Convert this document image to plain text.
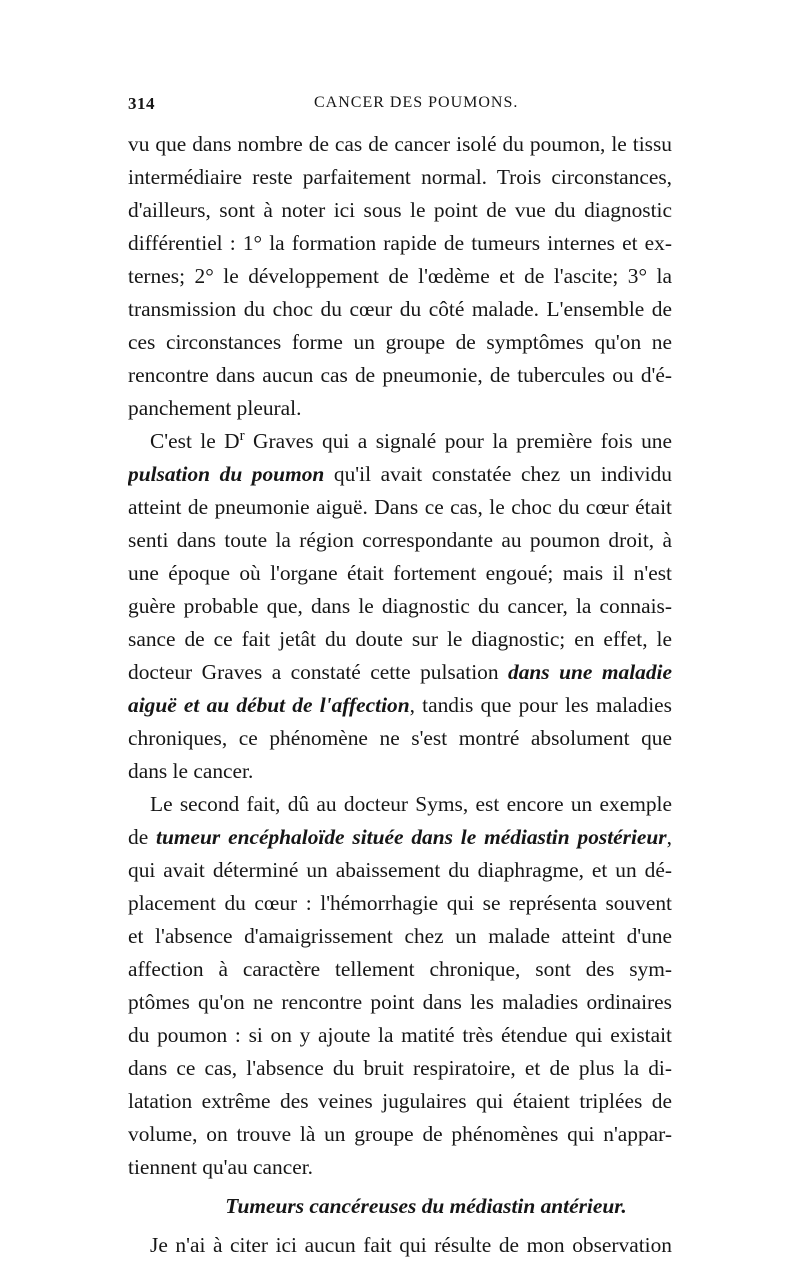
314	CANCER DES POUMONS.
vu que dans nombre de cas de cancer isolé du poumon, le tissu
intermédiaire reste parfaitement normal. Trois circonstances,
d'ailleurs, sont à noter ici sous le point de vue du diagnostic
différentiel : 1° la formation rapide de tumeurs internes et ex-
ternes; 2° le développement de l'œdème et de l'ascite; 3° la
transmission du choc du cœur du côté malade. L'ensemble de
ces circonstances forme un groupe de symptômes qu'on ne
rencontre dans aucun cas de pneumonie, de tubercules ou d'é-
panchement pleural.
C'est le $D^r$ Graves qui a signalé pour la première fois une
pulsation du poumon qu'il avait constatée chez un individu
atteint de pneumonie aiguë. Dans ce cas, le choc du cœur était
senti dans toute la région correspondante au poumon droit, à
une époque où l'organe était fortement engoué; mais il n'est
guère probable que, dans le diagnostic du cancer, la connais-
sance de ce fait jetât du doute sur le diagnostic; en effet, le
docteur Graves a constaté cette pulsation dans une maladie
aiguë et au début de l'affection, tandis que pour les maladies
chroniques, ce phénomène ne s'est montré absolument que
dans le cancer.
Le second fait, dû au docteur Syms, est encore un exemple
de tumeur encéphaloïde située dans le médiastin postérieur,
qui avait déterminé un abaissement du diaphragme, et un dé-
placement du cœur : l'hémorrhagie qui se représenta souvent
et l'absence d'amaigrissement chez un malade atteint d'une
affection à caractère tellement chronique, sont des sym-
ptômes qu'on ne rencontre point dans les maladies ordinaires
du poumon : si on y ajoute la matité très étendue qui existait
dans ce cas, l'absence du bruit respiratoire, et de plus la di-
latation extrême des veines jugulaires qui étaient triplées de
volume, on trouve là un groupe de phénomènes qui n'appar-
tiennent qu'au cancer.
Tumeurs cancéreuses du médiastin antérieur.
Je n'ai à citer ici aucun fait qui résulte de mon observation
